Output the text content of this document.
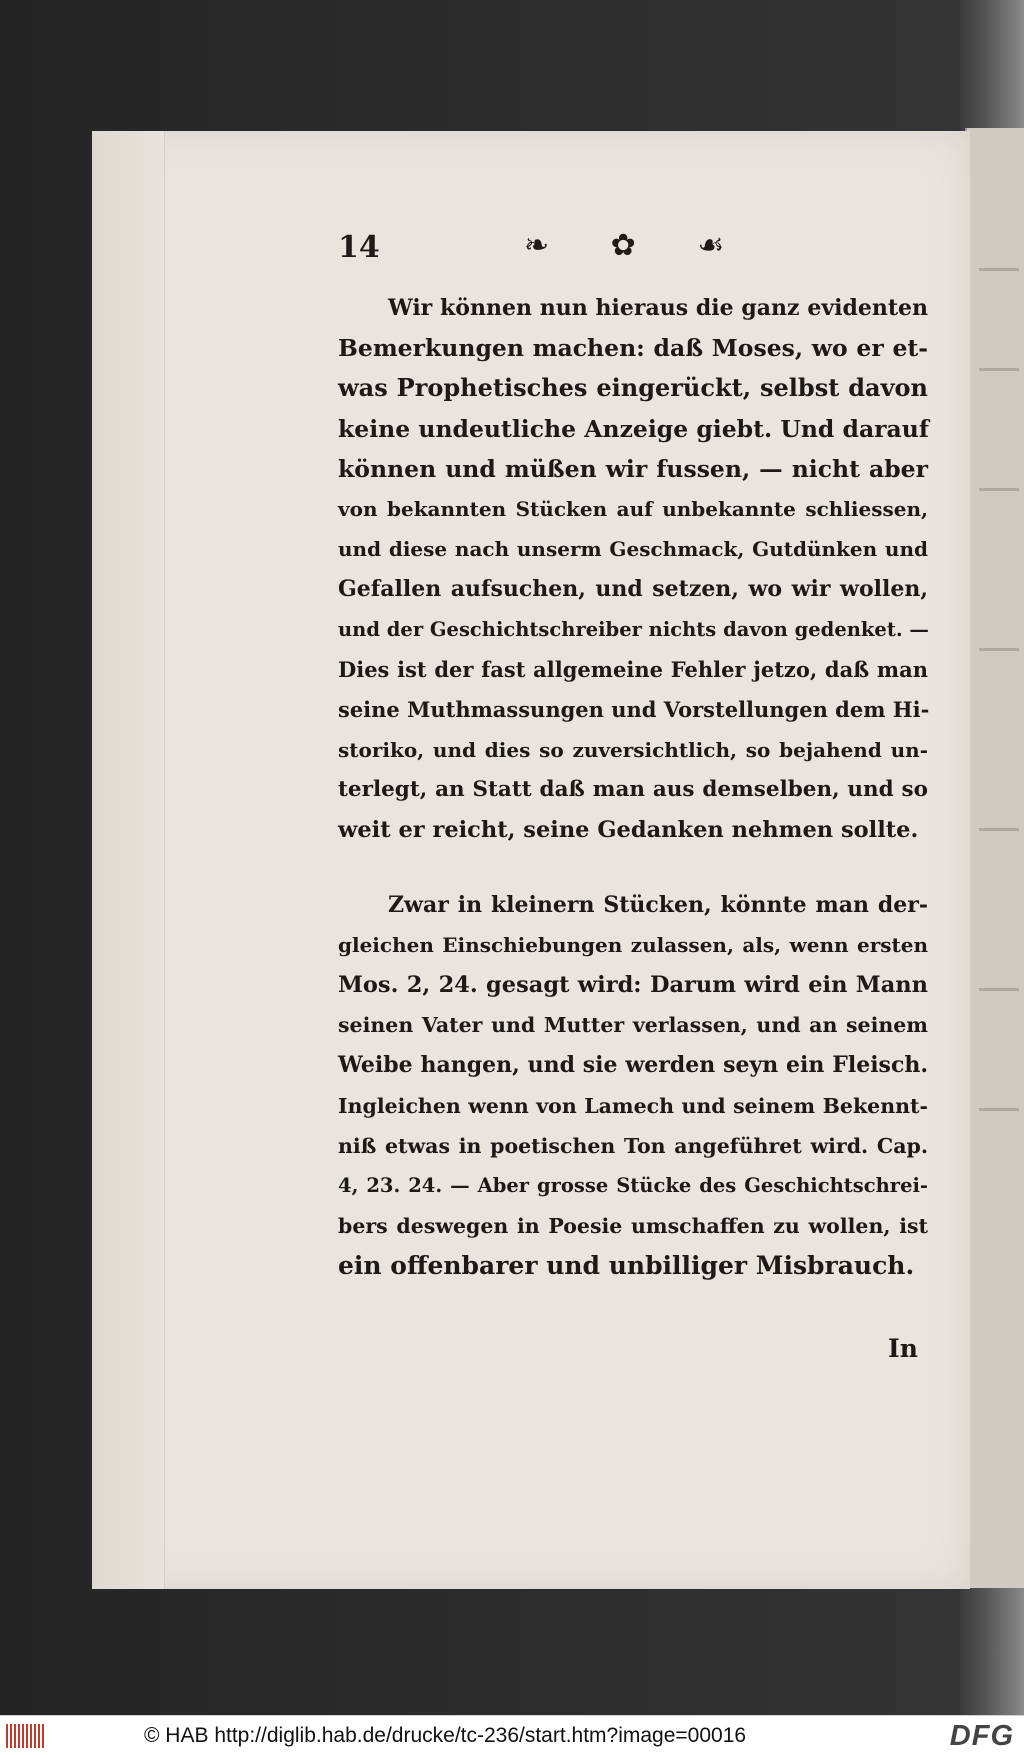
14	❧ ✿ ☙
Wir können nun hieraus die ganz evidenten
Bemerkungen machen: daß Moses, wo er et-
was Prophetisches eingerückt, selbst davon
keine undeutliche Anzeige giebt. Und darauf
können und müßen wir fussen, — nicht aber
von bekannten Stücken auf unbekannte schliessen,
und diese nach unserm Geschmack, Gutdünken und
Gefallen aufsuchen, und setzen, wo wir wollen,
und der Geschichtschreiber nichts davon gedenket. —
Dies ist der fast allgemeine Fehler jetzo, daß man
seine Muthmassungen und Vorstellungen dem Hi-
storiko, und dies so zuversichtlich, so bejahend un-
terlegt, an Statt daß man aus demselben, und so
weit er reicht, seine Gedanken nehmen sollte.
Zwar in kleinern Stücken, könnte man der-
gleichen Einschiebungen zulassen, als, wenn ersten
Mos. 2, 24. gesagt wird: Darum wird ein Mann
seinen Vater und Mutter verlassen, und an seinem
Weibe hangen, und sie werden seyn ein Fleisch.
Ingleichen wenn von Lamech und seinem Bekennt-
niß etwas in poetischen Ton angeführet wird. Cap.
4, 23. 24. — Aber grosse Stücke des Geschichtschrei-
bers deswegen in Poesie umschaffen zu wollen, ist
ein offenbarer und unbilliger Misbrauch.
In
© HAB http://diglib.hab.de/drucke/tc-236/start.htm?image=00016	DFG
